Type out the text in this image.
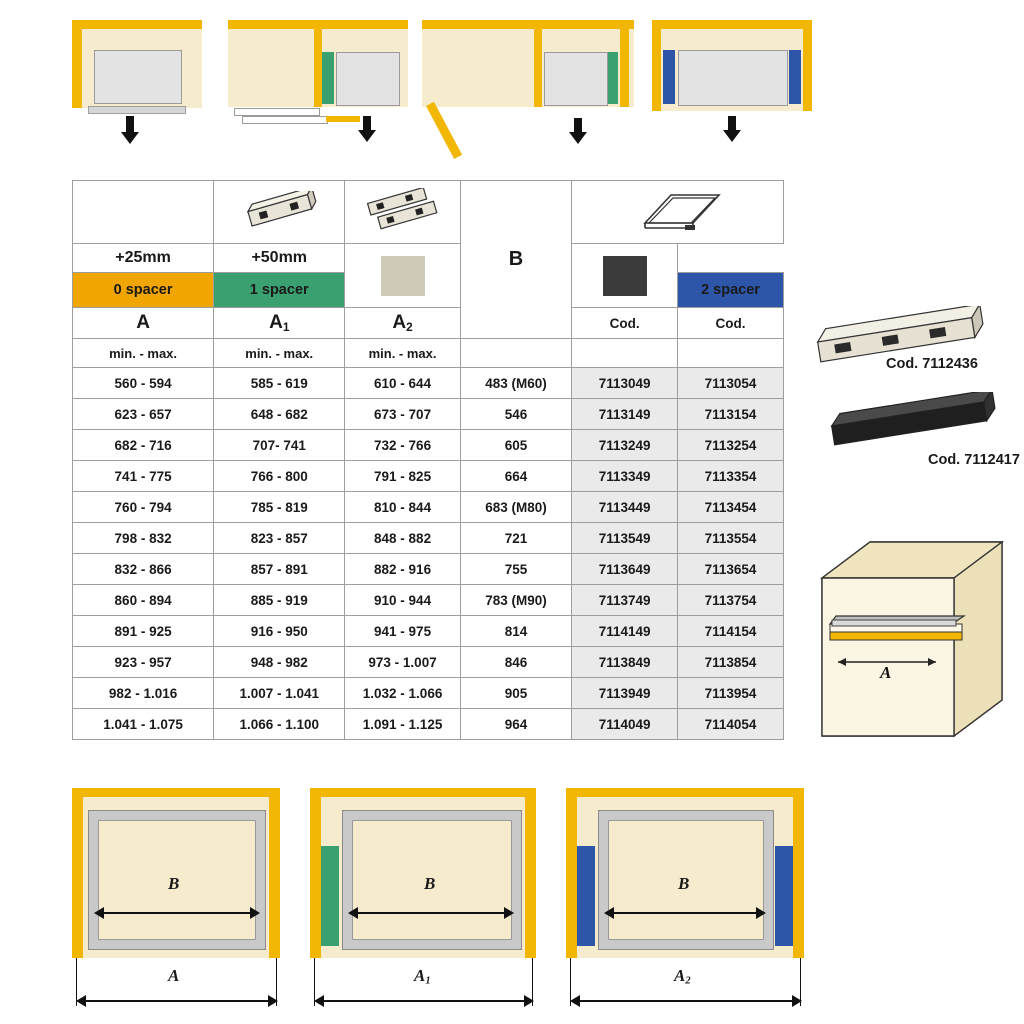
			B	
+25mm	+50mm			

0 spacer	1 spacer				2 spacer
A	$A_1$	$A_2$		Cod.	Cod.
min. - max.	min. - max.	min. - max.			
560 - 594	585 - 619	610 - 644	483 (M60)	7113049	7113054
623 - 657	648 - 682	673 - 707	546	7113149	7113154
682 - 716	707- 741	732 - 766	605	7113249	7113254
741 - 775	766 - 800	791 - 825	664	7113349	7113354
760 - 794	785 - 819	810 - 844	683 (M80)	7113449	7113454
798 - 832	823 - 857	848 - 882	721	7113549	7113554
832 - 866	857 - 891	882 - 916	755	7113649	7113654
860 - 894	885 - 919	910 - 944	783 (M90)	7113749	7113754
891 - 925	916 - 950	941 - 975	814	7114149	7114154
923 - 957	948 - 982	973 - 1.007	846	7113849	7113854
982 - 1.016	1.007 - 1.041	1.032 - 1.066	905	7113949	7113954
1.041 - 1.075	1.066 - 1.100	1.091 - 1.125	964	7114049	7114054
Cod. 7112436
Cod. 7112417
A
B
A
B
$A_1$
B
$A_2$
